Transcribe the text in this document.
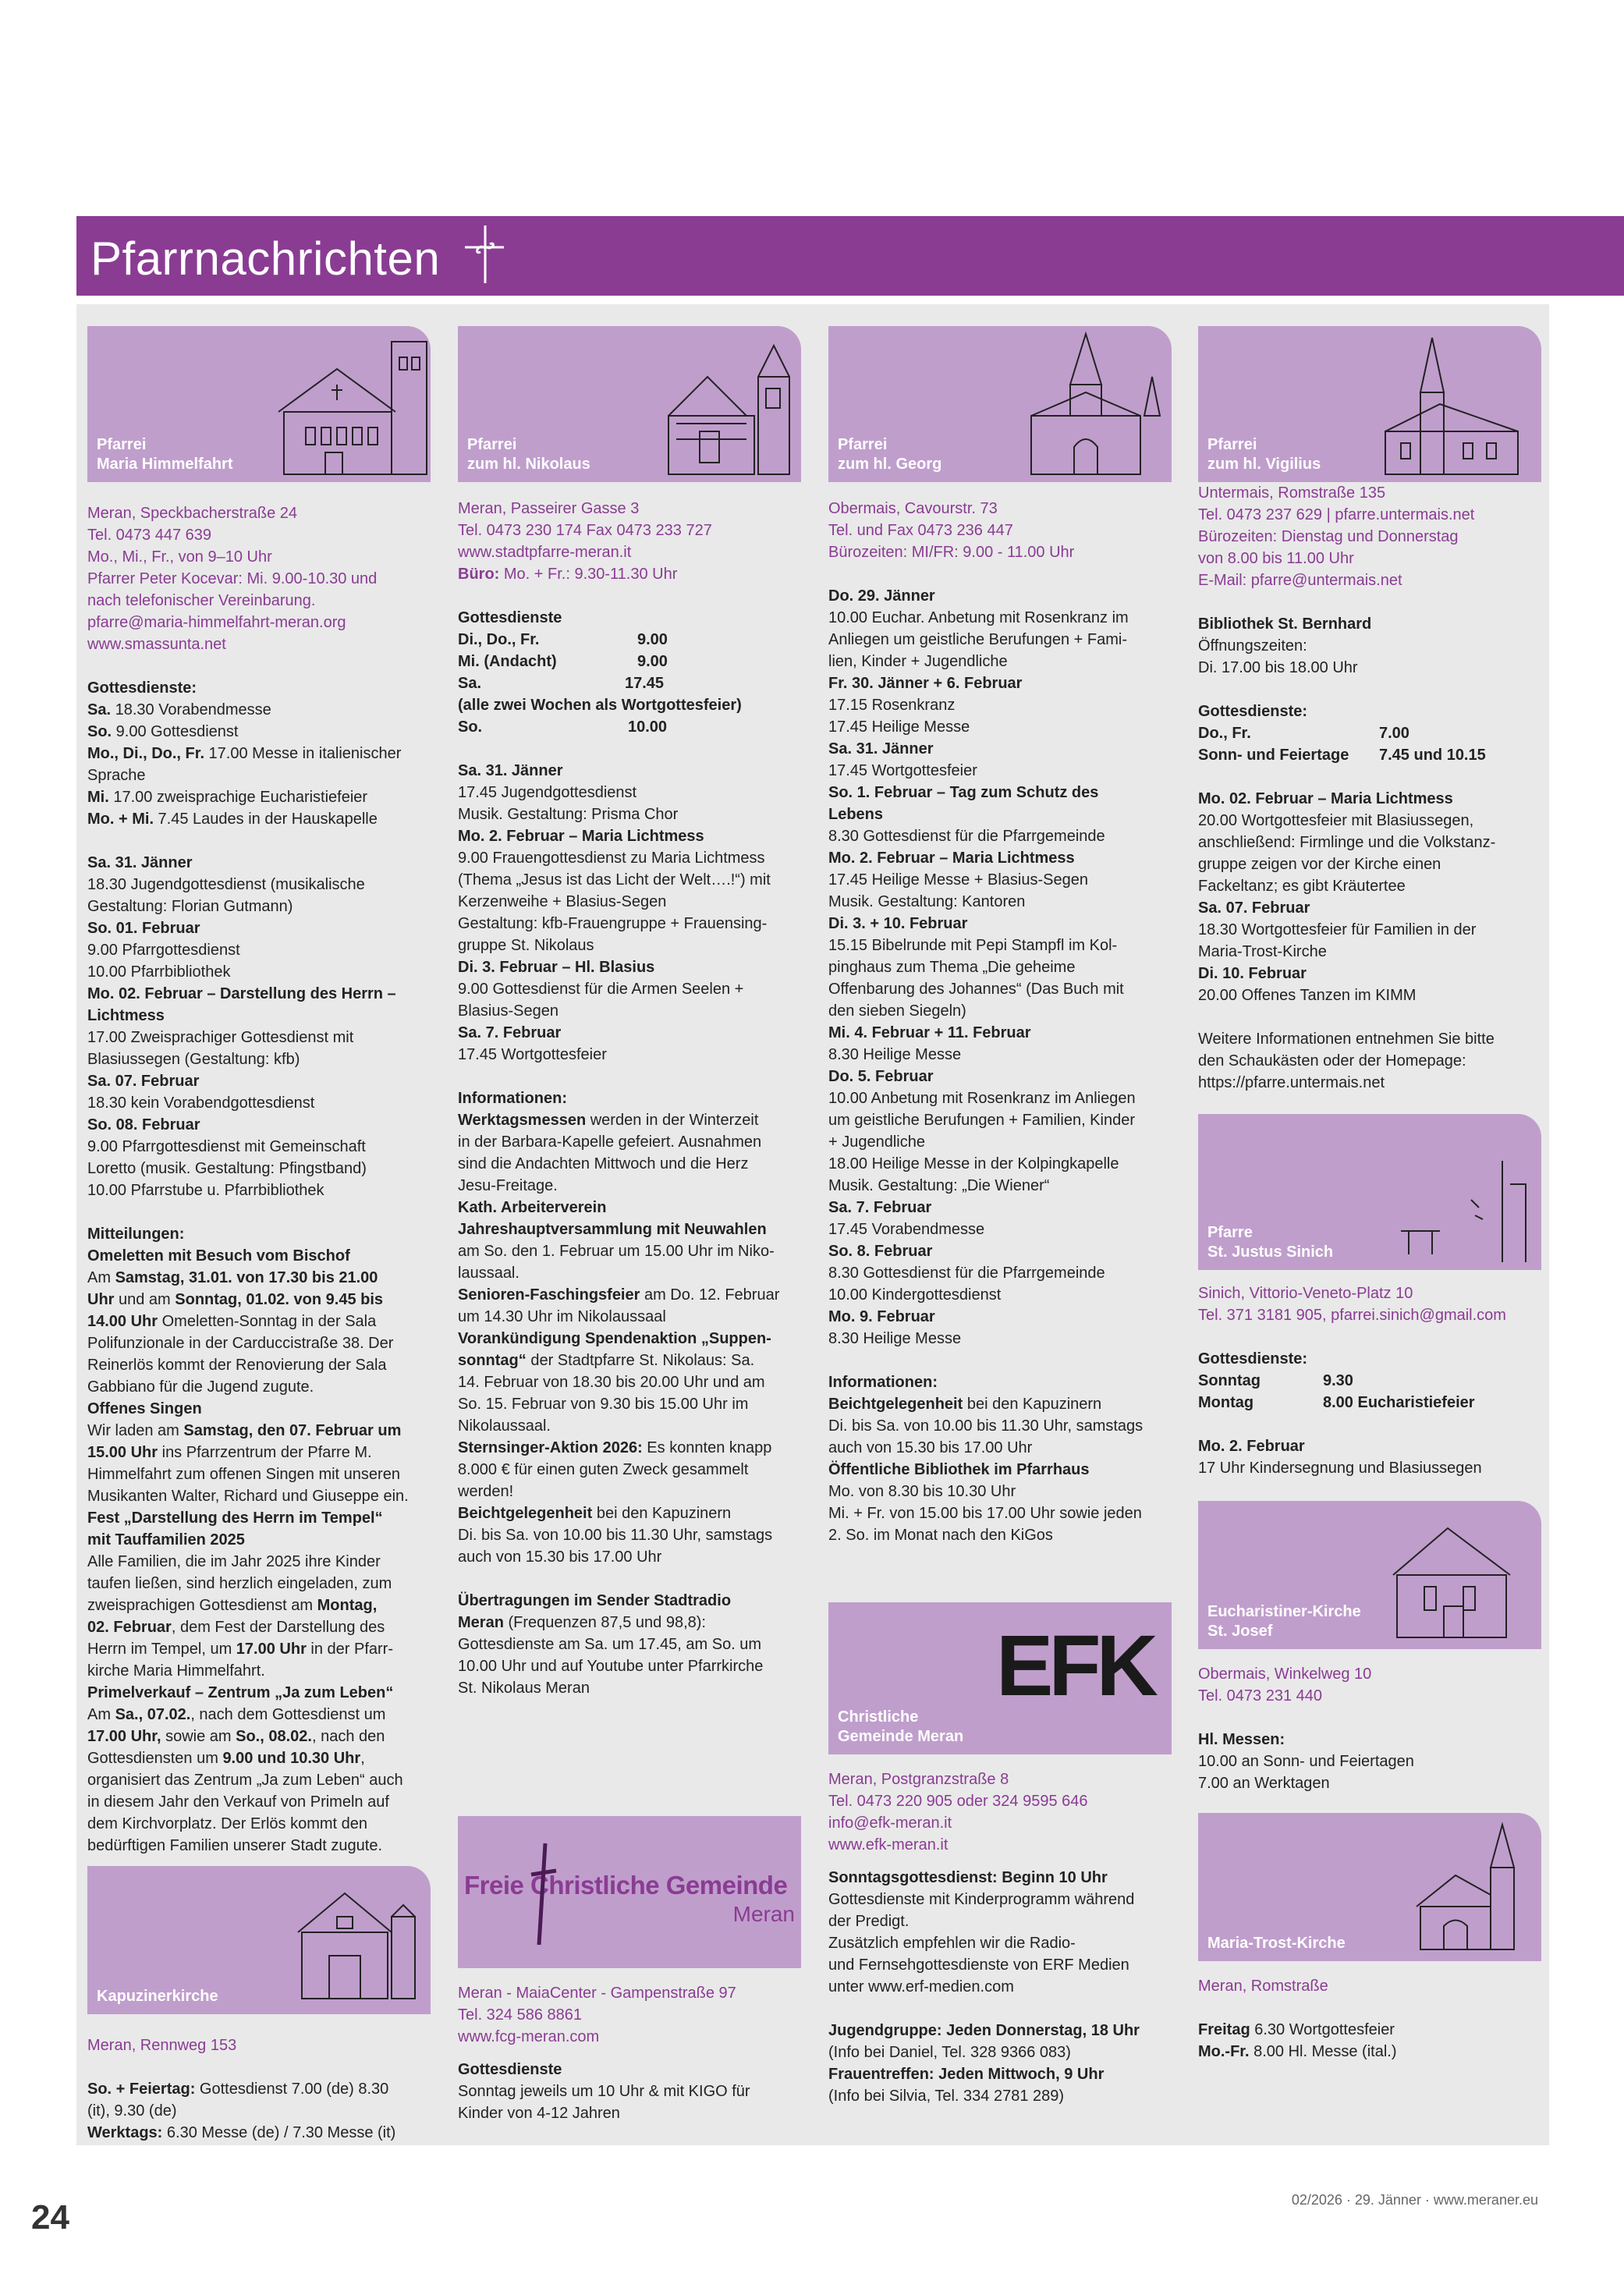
Pfarrnachrichten
Pfarrei
Maria Himmelfahrt
Meran, Speckbacherstraße 24
Tel. 0473 447 639
Mo., Mi., Fr., von 9–10 Uhr
Pfarrer Peter Kocevar: Mi. 9.00-10.30 und
nach telefonischer Vereinbarung.
pfarre@maria-himmelfahrt-meran.org
www.smassunta.net
Gottesdienste:
Sa. 18.30 Vorabendmesse
So. 9.00 Gottesdienst
Mo., Di., Do., Fr. 17.00 Messe in italienischer
Sprache
Mi. 17.00 zweisprachige Eucharistiefeier
Mo. + Mi. 7.45 Laudes in der Hauskapelle
Sa. 31. Jänner
18.30 Jugendgottesdienst (musikalische
Gestaltung: Florian Gutmann)
So. 01. Februar
9.00 Pfarrgottesdienst
10.00 Pfarrbibliothek
Mo. 02. Februar – Darstellung des Herrn –
Lichtmess
17.00 Zweisprachiger Gottesdienst mit
Blasiussegen (Gestaltung: kfb)
Sa. 07. Februar
18.30 kein Vorabendgottesdienst
So. 08. Februar
9.00 Pfarrgottesdienst mit Gemeinschaft
Loretto (musik. Gestaltung: Pfingstband)
10.00 Pfarrstube u. Pfarrbibliothek
Mitteilungen:
Omeletten mit Besuch vom Bischof
Am Samstag, 31.01. von 17.30 bis 21.00
Uhr und am Sonntag, 01.02. von 9.45 bis
14.00 Uhr Omeletten-Sonntag in der Sala
Polifunzionale in der Carduccistraße 38. Der
Reinerlös kommt der Renovierung der Sala
Gabbiano für die Jugend zugute.
Offenes Singen
Wir laden am Samstag, den 07. Februar um
15.00 Uhr ins Pfarrzentrum der Pfarre M.
Himmelfahrt zum offenen Singen mit unseren
Musikanten Walter, Richard und Giuseppe ein.
Fest „Darstellung des Herrn im Tempel“
mit Tauffamilien 2025
Alle Familien, die im Jahr 2025 ihre Kinder
taufen ließen, sind herzlich eingeladen, zum
zweisprachigen Gottesdienst am Montag,
02. Februar, dem Fest der Darstellung des
Herrn im Tempel, um 17.00 Uhr in der Pfarr-
kirche Maria Himmelfahrt.
Primelverkauf – Zentrum „Ja zum Leben“
Am Sa., 07.02., nach dem Gottesdienst um
17.00 Uhr, sowie am So., 08.02., nach den
Gottesdiensten um 9.00 und 10.30 Uhr,
organisiert das Zentrum „Ja zum Leben“ auch
in diesem Jahr den Verkauf von Primeln auf
dem Kirchvorplatz. Der Erlös kommt den
bedürftigen Familien unserer Stadt zugute.
Kapuzinerkirche
Meran, Rennweg 153
So. + Feiertag: Gottesdienst 7.00 (de) 8.30
(it), 9.30 (de)
Werktags: 6.30 Messe (de) / 7.30 Messe (it)
Pfarrei
zum hl. Nikolaus
Meran, Passeirer Gasse 3
Tel. 0473 230 174 Fax 0473 233 727
www.stadtpfarre-meran.it
Büro: Mo. + Fr.: 9.30-11.30 Uhr
Gottesdienste
Di., Do., Fr.	9.00
Mi. (Andacht)	9.00
Sa.	17.45
(alle zwei Wochen als Wortgottesfeier)
So.	10.00
Sa. 31. Jänner
17.45 Jugendgottesdienst
Musik. Gestaltung: Prisma Chor
Mo. 2. Februar – Maria Lichtmess
9.00 Frauengottesdienst zu Maria Lichtmess
(Thema „Jesus ist das Licht der Welt….!“) mit
Kerzenweihe + Blasius-Segen
Gestaltung: kfb-Frauengruppe + Frauensing-
gruppe St. Nikolaus
Di. 3. Februar – Hl. Blasius
9.00 Gottesdienst für die Armen Seelen +
Blasius-Segen
Sa. 7. Februar
17.45 Wortgottesfeier
Informationen:
Werktagsmessen werden in der Winterzeit
in der Barbara-Kapelle gefeiert. Ausnahmen
sind die Andachten Mittwoch und die Herz
Jesu-Freitage.
Kath. Arbeiterverein
Jahreshauptversammlung mit Neuwahlen
am So. den 1. Februar um 15.00 Uhr im Niko-
laussaal.
Senioren-Faschingsfeier am Do. 12. Februar
um 14.30 Uhr im Nikolaussaal
Vorankündigung Spendenaktion „Suppen-
sonntag“ der Stadtpfarre St. Nikolaus: Sa.
14. Februar von 18.30 bis 20.00 Uhr und am
So. 15. Februar von 9.30 bis 15.00 Uhr im
Nikolaussaal.
Sternsinger-Aktion 2026: Es konnten knapp
8.000 € für einen guten Zweck gesammelt
werden!
Beichtgelegenheit bei den Kapuzinern
Di. bis Sa. von 10.00 bis 11.30 Uhr, samstags
auch von 15.30 bis 17.00 Uhr
Übertragungen im Sender Stadtradio
Meran (Frequenzen 87,5 und 98,8):
Gottesdienste am Sa. um 17.45, am So. um
10.00 Uhr und auf Youtube unter Pfarrkirche
St. Nikolaus Meran
Freie Christliche Gemeinde
Meran
Meran - MaiaCenter - Gampenstraße 97
Tel. 324 586 8861
www.fcg-meran.com
Gottesdienste
Sonntag jeweils um 10 Uhr & mit KIGO für
Kinder von 4-12 Jahren
Pfarrei
zum hl. Georg
Obermais, Cavourstr. 73
Tel. und Fax 0473 236 447
Bürozeiten: MI/FR: 9.00 - 11.00 Uhr
Do. 29. Jänner
10.00 Euchar. Anbetung mit Rosenkranz im
Anliegen um geistliche Berufungen + Fami-
lien, Kinder + Jugendliche
Fr. 30. Jänner + 6. Februar
17.15 Rosenkranz
17.45 Heilige Messe
Sa. 31. Jänner
17.45 Wortgottesfeier
So. 1. Februar – Tag zum Schutz des
Lebens
8.30 Gottesdienst für die Pfarrgemeinde
Mo. 2. Februar – Maria Lichtmess
17.45 Heilige Messe + Blasius-Segen
Musik. Gestaltung: Kantoren
Di. 3. + 10. Februar
15.15 Bibelrunde mit Pepi Stampfl im Kol-
pinghaus zum Thema „Die geheime
Offenbarung des Johannes“ (Das Buch mit
den sieben Siegeln)
Mi. 4. Februar + 11. Februar
8.30 Heilige Messe
Do. 5. Februar
10.00 Anbetung mit Rosenkranz im Anliegen
um geistliche Berufungen + Familien, Kinder
+ Jugendliche
18.00 Heilige Messe in der Kolpingkapelle
Musik. Gestaltung: „Die Wiener“
Sa. 7. Februar
17.45 Vorabendmesse
So. 8. Februar
8.30 Gottesdienst für die Pfarrgemeinde
10.00 Kindergottesdienst
Mo. 9. Februar
8.30 Heilige Messe
Informationen:
Beichtgelegenheit bei den Kapuzinern
Di. bis Sa. von 10.00 bis 11.30 Uhr, samstags
auch von 15.30 bis 17.00 Uhr
Öffentliche Bibliothek im Pfarrhaus
Mo. von 8.30 bis 10.30 Uhr
Mi. + Fr. von 15.00 bis 17.00 Uhr sowie jeden
2. So. im Monat nach den KiGos
EFK
Christliche
Gemeinde Meran
Meran, Postgranzstraße 8
Tel. 0473 220 905 oder 324 9595 646
info@efk-meran.it
www.efk-meran.it
Sonntagsgottesdienst: Beginn 10 Uhr
Gottesdienste mit Kinderprogramm während
der Predigt.
Zusätzlich empfehlen wir die Radio-
und Fernsehgottesdienste von ERF Medien
unter www.erf-medien.com
Jugendgruppe: Jeden Donnerstag, 18 Uhr
(Info bei Daniel, Tel. 328 9366 083)
Frauentreffen: Jeden Mittwoch, 9 Uhr
(Info bei Silvia, Tel. 334 2781 289)
Pfarrei
zum hl. Vigilius
Untermais, Romstraße 135
Tel. 0473 237 629 | pfarre.untermais.net
Bürozeiten: Dienstag und Donnerstag
von 8.00 bis 11.00 Uhr
E-Mail: pfarre@untermais.net
Bibliothek St. Bernhard
Öffnungszeiten:
Di. 17.00 bis 18.00 Uhr
Gottesdienste:
Do., Fr.	7.00
Sonn- und Feiertage	7.45 und 10.15
Mo. 02. Februar – Maria Lichtmess
20.00 Wortgottesfeier mit Blasiussegen,
anschließend: Firmlinge und die Volkstanz-
gruppe zeigen vor der Kirche einen
Fackeltanz; es gibt Kräutertee
Sa. 07. Februar
18.30 Wortgottesfeier für Familien in der
Maria-Trost-Kirche
Di. 10. Februar
20.00 Offenes Tanzen im KIMM
Weitere Informationen entnehmen Sie bitte
den Schaukästen oder der Homepage:
https://pfarre.untermais.net
Pfarre
St. Justus Sinich
Sinich, Vittorio-Veneto-Platz 10
Tel. 371 3181 905, pfarrei.sinich@gmail.com
Gottesdienste:
Sonntag	9.30
Montag	8.00 Eucharistiefeier
Mo. 2. Februar
17 Uhr Kindersegnung und Blasiussegen
Eucharistiner-Kirche
St. Josef
Obermais, Winkelweg 10
Tel. 0473 231 440
Hl. Messen:
10.00 an Sonn- und Feiertagen
7.00 an Werktagen
Maria-Trost-Kirche
Meran, Romstraße
Freitag 6.30 Wortgottesfeier
Mo.-Fr. 8.00 Hl. Messe (ital.)
24	02/2026 · 29. Jänner · www.meraner.eu
